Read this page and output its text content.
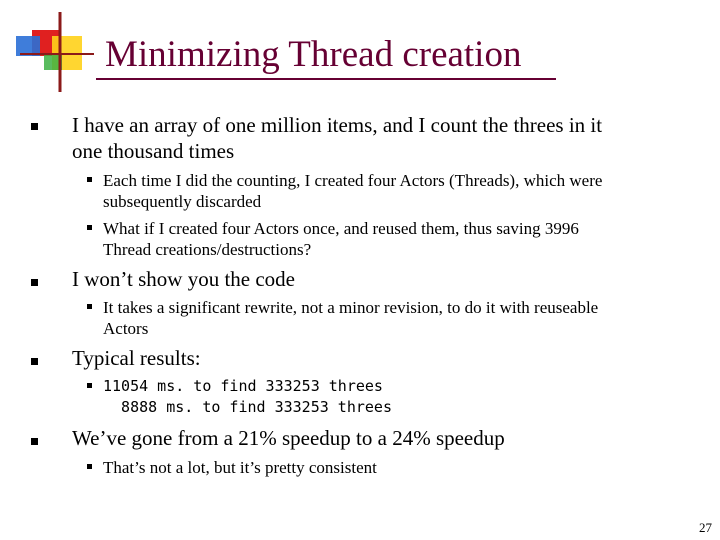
Minimizing Thread creation
I have an array of one million items, and I count the threes in it
one thousand times
Each time I did the counting, I created four Actors (Threads), which were
subsequently discarded
What if I created four Actors once, and reused them, thus saving 3996
Thread creations/destructions?
I won’t show you the code
It takes a significant rewrite, not a minor revision, to do it with reuseable
Actors
Typical results:
11054 ms. to find 333253 threes
8888 ms. to find 333253 threes
We’ve gone from a 21% speedup to a 24% speedup
That’s not a lot, but it’s pretty consistent
27
